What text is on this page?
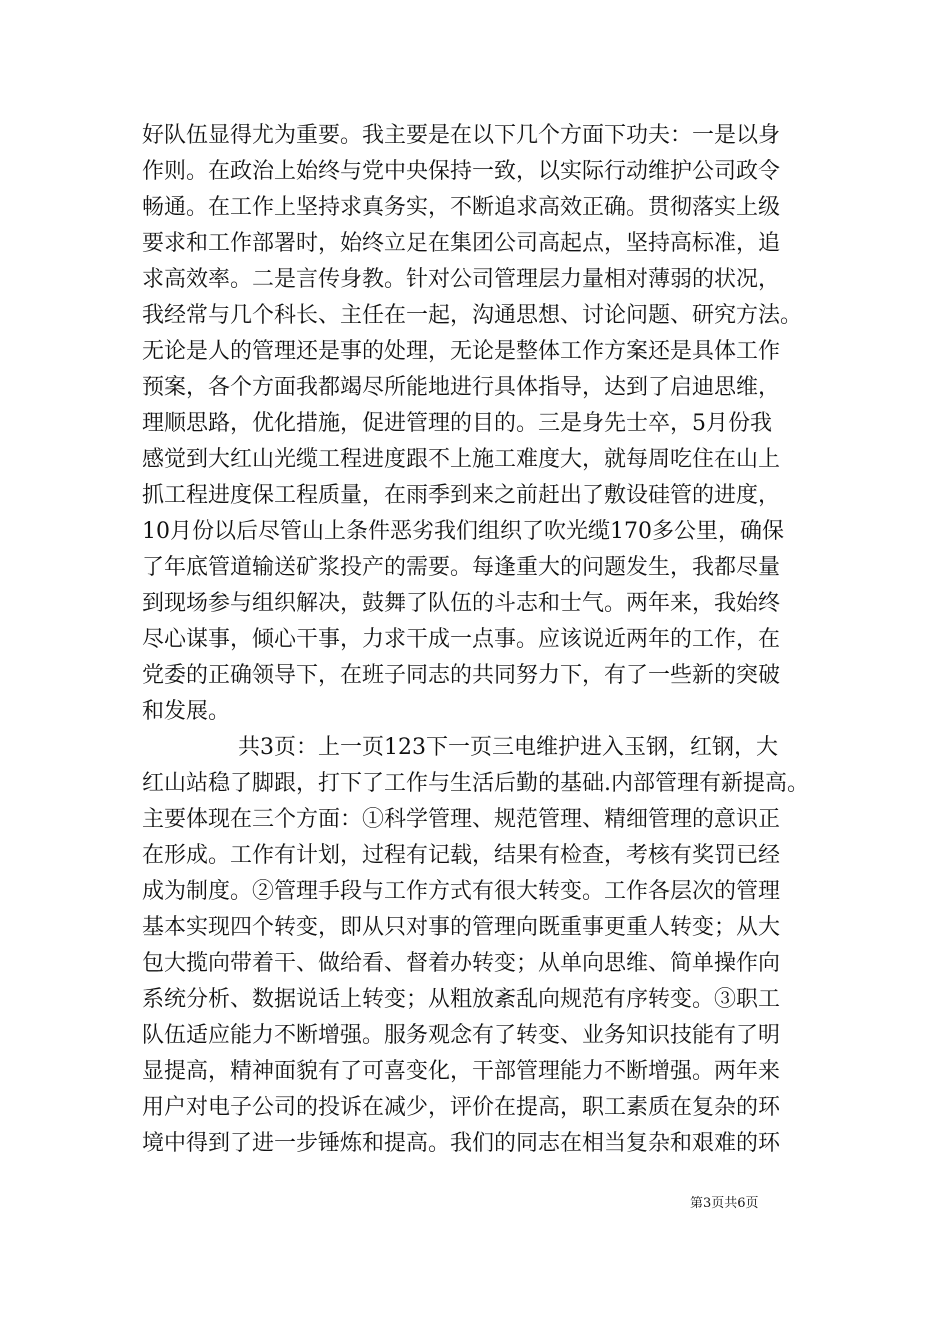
好队伍显得尤为重要。我主要是在以下几个方面下功夫：一是以身
作则。在政治上始终与党中央保持一致，以实际行动维护公司政令
畅通。在工作上坚持求真务实，不断追求高效正确。贯彻落实上级
要求和工作部署时，始终立足在集团公司高起点，坚持高标准，追
求高效率。二是言传身教。针对公司管理层力量相对薄弱的状况，
我经常与几个科长、主任在一起，沟通思想、讨论问题、研究方法。
无论是人的管理还是事的处理，无论是整体工作方案还是具体工作
预案，各个方面我都竭尽所能地进行具体指导，达到了启迪思维，
理顺思路，优化措施，促进管理的目的。三是身先士卒，5月份我
感觉到大红山光缆工程进度跟不上施工难度大，就每周吃住在山上
抓工程进度保工程质量，在雨季到来之前赶出了敷设硅管的进度，
10月份以后尽管山上条件恶劣我们组织了吹光缆170多公里，确保
了年底管道输送矿浆投产的需要。每逢重大的问题发生，我都尽量
到现场参与组织解决，鼓舞了队伍的斗志和士气。两年来，我始终
尽心谋事，倾心干事，力求干成一点事。应该说近两年的工作，在
党委的正确领导下，在班子同志的共同努力下，有了一些新的突破
和发展。
共3页：上一页123下一页三电维护进入玉钢，红钢，大
红山站稳了脚跟，打下了工作与生活后勤的基础.内部管理有新提高。
主要体现在三个方面：①科学管理、规范管理、精细管理的意识正
在形成。工作有计划，过程有记载，结果有检查，考核有奖罚已经
成为制度。②管理手段与工作方式有很大转变。工作各层次的管理
基本实现四个转变，即从只对事的管理向既重事更重人转变；从大
包大揽向带着干、做给看、督着办转变；从单向思维、简单操作向
系统分析、数据说话上转变；从粗放紊乱向规范有序转变。③职工
队伍适应能力不断增强。服务观念有了转变、业务知识技能有了明
显提高，精神面貌有了可喜变化，干部管理能力不断增强。两年来
用户对电子公司的投诉在减少，评价在提高，职工素质在复杂的环
境中得到了进一步锤炼和提高。我们的同志在相当复杂和艰难的环
第3页共6页
